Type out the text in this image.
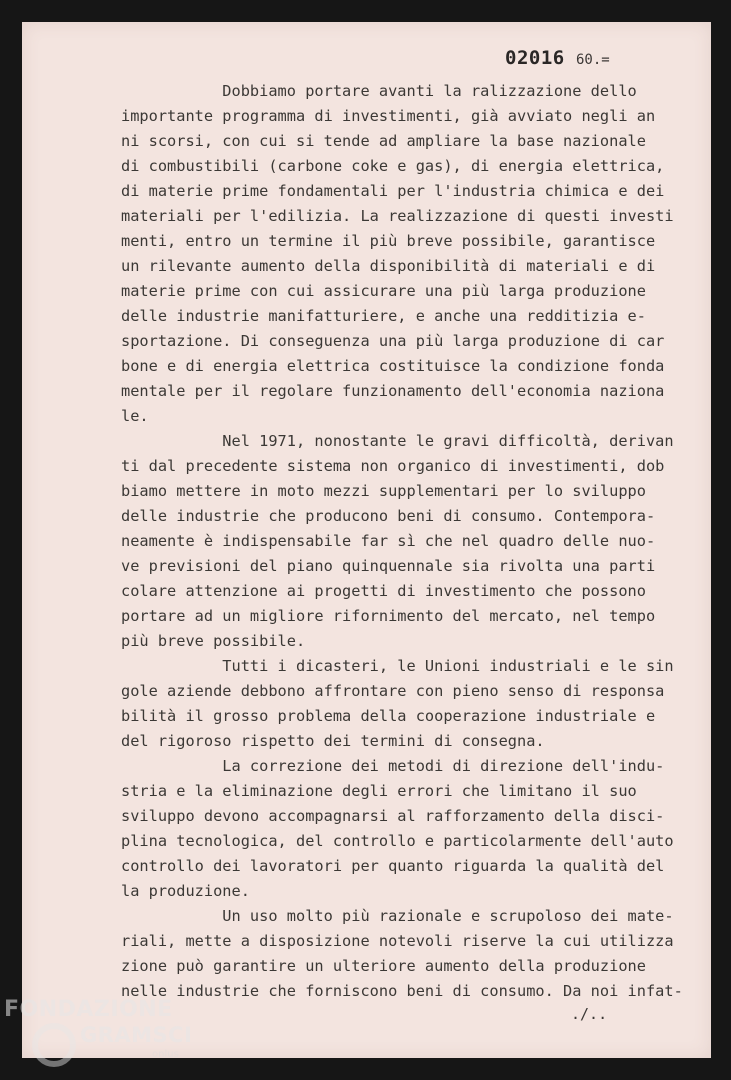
02016 60.=
Dobbiamo portare avanti la ralizzazione dello
importante programma di investimenti, già avviato negli an
ni scorsi, con cui si tende ad ampliare la base nazionale
di combustibili (carbone coke e gas), di energia elettrica,
di materie prime fondamentali per l'industria chimica e dei
materiali per l'edilizia. La realizzazione di questi investi
menti, entro un termine il più breve possibile, garantisce
un rilevante aumento della disponibilità di materiali e di
materie prime con cui assicurare una più larga produzione
delle industrie manifatturiere, e anche una redditizia e-
sportazione. Di conseguenza una più larga produzione di car
bone e di energia elettrica costituisce la condizione fonda
mentale per il regolare funzionamento dell'economia naziona
le.
Nel 1971, nonostante le gravi difficoltà, derivan
ti dal precedente sistema non organico di investimenti, dob
biamo mettere in moto mezzi supplementari per lo sviluppo
delle industrie che producono beni di consumo. Contempora-
neamente è indispensabile far sì che nel quadro delle nuo-
ve previsioni del piano quinquennale sia rivolta una parti
colare attenzione ai progetti di investimento che possono
portare ad un migliore rifornimento del mercato, nel tempo
più breve possibile.
Tutti i dicasteri, le Unioni industriali e le sin
gole aziende debbono affrontare con pieno senso di responsa
bilità il grosso problema della cooperazione industriale e
del rigoroso rispetto dei termini di consegna.
La correzione dei metodi di direzione dell'indu-
stria e la eliminazione degli errori che limitano il suo
sviluppo devono accompagnarsi al rafforzamento della disci-
plina tecnologica, del controllo e particolarmente dell'auto
controllo dei lavoratori per quanto riguarda la qualità del
la produzione.
Un uso molto più razionale e scrupoloso dei mate-
riali, mette a disposizione notevoli riserve la cui utilizza
zione può garantire un ulteriore aumento della produzione
nelle industrie che forniscono beni di consumo. Da noi infat-
./..
FONDAZIONE
GRAMSCI
onlus
